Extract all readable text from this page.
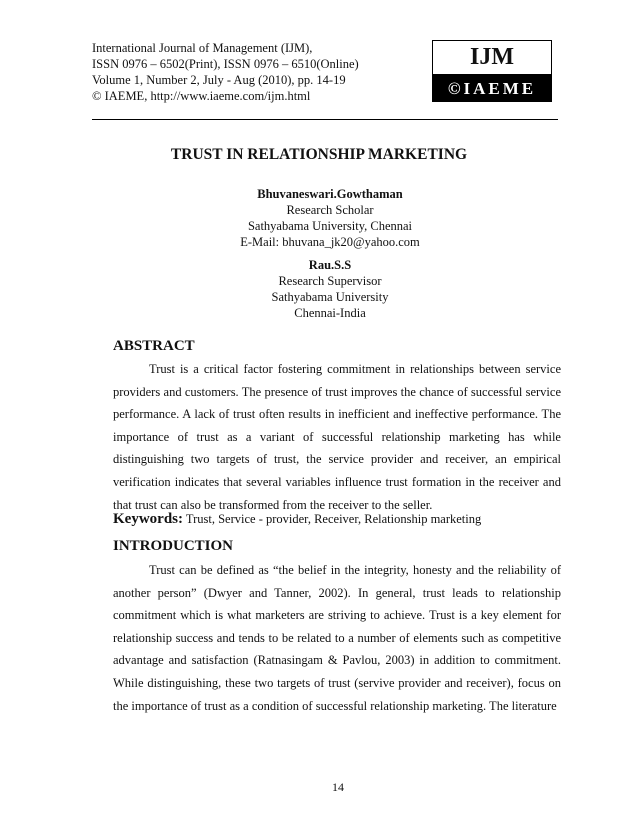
International Journal of Management (IJM),
ISSN 0976 – 6502(Print), ISSN 0976 – 6510(Online)
Volume 1, Number 2, July - Aug (2010), pp. 14-19
© IAEME, http://www.iaeme.com/ijm.html
IJM
©IAEME
TRUST IN RELATIONSHIP MARKETING
Bhuvaneswari.Gowthaman
Research Scholar
Sathyabama University, Chennai
E-Mail: bhuvana_jk20@yahoo.com
Rau.S.S
Research Supervisor
Sathyabama University
Chennai-India
ABSTRACT

Trust is a critical factor fostering commitment in relationships between service providers and customers. The presence of trust improves the chance of successful service performance. A lack of trust often results in inefficient and ineffective performance. The importance of trust as a variant of successful relationship marketing has while distinguishing two targets of trust, the service provider and receiver, an empirical verification indicates that several variables influence trust formation in the receiver and that trust can also be transformed from the receiver to the seller.

Keywords: Trust, Service - provider, Receiver, Relationship marketing
INTRODUCTION

Trust can be defined as “the belief in the integrity, honesty and the reliability of another person” (Dwyer and Tanner, 2002). In general, trust leads to relationship commitment which is what marketers are striving to achieve. Trust is a key element for relationship success and tends to be related to a number of elements such as competitive advantage and satisfaction (Ratnasingam & Pavlou, 2003) in addition to commitment. While distinguishing, these two targets of trust (servive provider and receiver), focus on the importance of trust as a condition of successful relationship marketing. The literature

14
